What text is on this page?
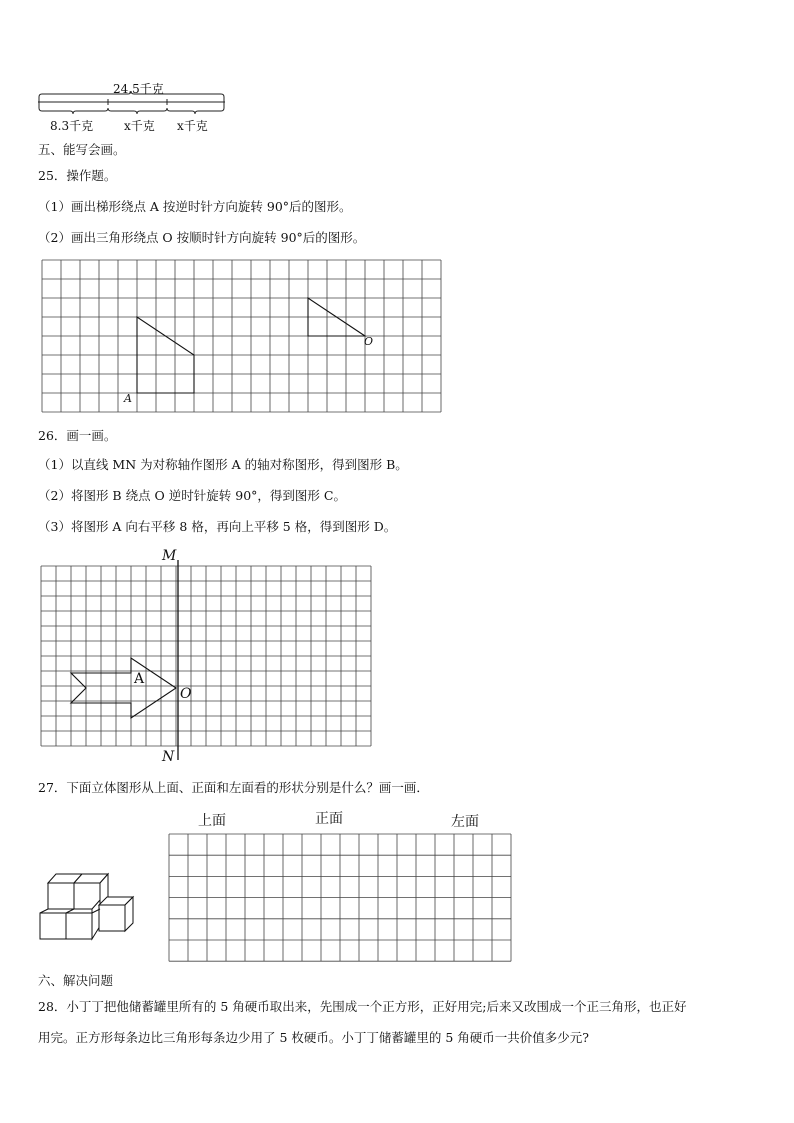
24.5千克
8.3千克	x千克 x千克
五、能写会画。
25．操作题。
（1）画出梯形绕点 A 按逆时针方向旋转 90°后的图形。
（2）画出三角形绕点 O 按顺时针方向旋转 90°后的图形。
A
O
26．画一画。
（1）以直线 MN 为对称轴作图形 A 的轴对称图形，得到图形 B。
（2）将图形 B 绕点 O 逆时针旋转 90°，得到图形 C。
（3）将图形 A 向右平移 8 格，再向上平移 5 格，得到图形 D。
M
N
O
A
27．下面立体图形从上面、正面和左面看的形状分别是什么？画一画．
上面	正面	左面
六、解决问题
28．小丁丁把他储蓄罐里所有的 5 角硬币取出来，先围成一个正方形，正好用完;后来又改围成一个正三角形，也正好
用完。正方形每条边比三角形每条边少用了 5 枚硬币。小丁丁储蓄罐里的 5 角硬币一共价值多少元?
